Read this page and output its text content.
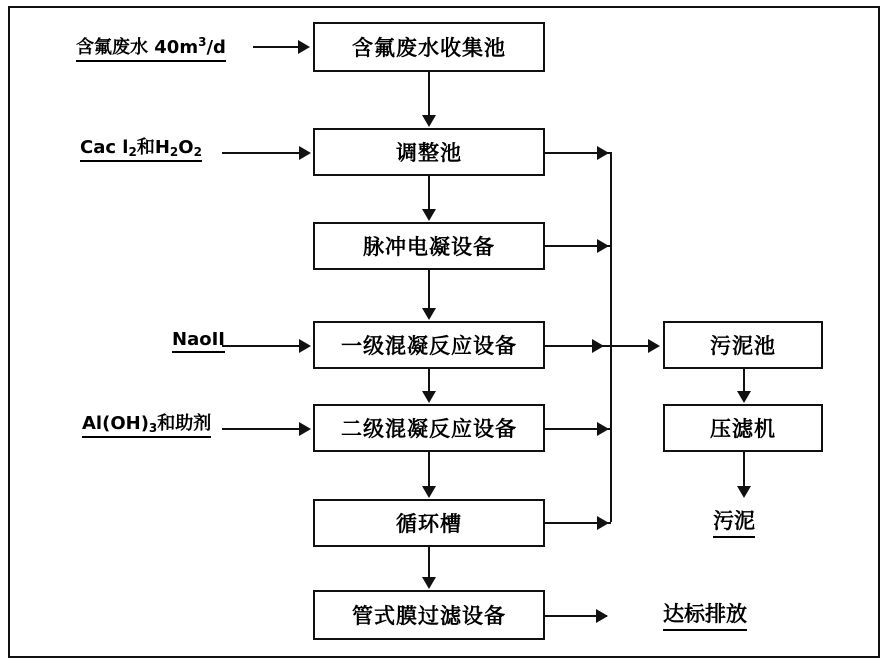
含氟废水 $40m^3/d$
Cac $l_2$和$H_2O_2$
NaoII
$Al(OH)_3$和助剂
含氟废水收集池
调整池
脉冲电凝设备
一级混凝反应设备
二级混凝反应设备
循环槽
管式膜过滤设备
污泥池
压滤机
污泥
达标排放
